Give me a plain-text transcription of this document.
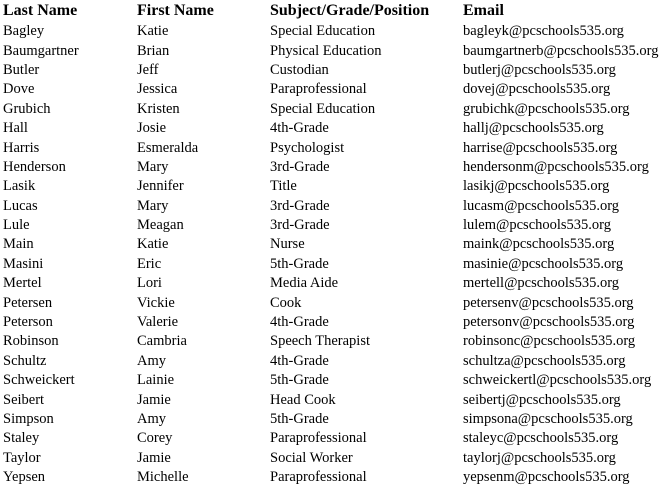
Last Name	First Name	Subject/Grade/Position	Email
Bagley	Katie	Special Education	bagleyk@pcschools535.org
Baumgartner	Brian	Physical Education	baumgartnerb@pcschools535.org
Butler	Jeff	Custodian	butlerj@pcschools535.org
Dove	Jessica	Paraprofessional	dovej@pcschools535.org
Grubich	Kristen	Special Education	grubichk@pcschools535.org
Hall	Josie	4th-Grade	hallj@pcschools535.org
Harris	Esmeralda	Psychologist	harrise@pcschools535.org
Henderson	Mary	3rd-Grade	hendersonm@pcschools535.org
Lasik	Jennifer	Title	lasikj@pcschools535.org
Lucas	Mary	3rd-Grade	lucasm@pcschools535.org
Lule	Meagan	3rd-Grade	lulem@pcschools535.org
Main	Katie	Nurse	maink@pcschools535.org
Masini	Eric	5th-Grade	masinie@pcschools535.org
Mertel	Lori	Media Aide	mertell@pcschools535.org
Petersen	Vickie	Cook	petersenv@pcschools535.org
Peterson	Valerie	4th-Grade	petersonv@pcschools535.org
Robinson	Cambria	Speech Therapist	robinsonc@pcschools535.org
Schultz	Amy	4th-Grade	schultza@pcschools535.org
Schweickert	Lainie	5th-Grade	schweickertl@pcschools535.org
Seibert	Jamie	Head Cook	seibertj@pcschools535.org
Simpson	Amy	5th-Grade	simpsona@pcschools535.org
Staley	Corey	Paraprofessional	staleyc@pcschools535.org
Taylor	Jamie	Social Worker	taylorj@pcschools535.org
Yepsen	Michelle	Paraprofessional	yepsenm@pcschools535.org
